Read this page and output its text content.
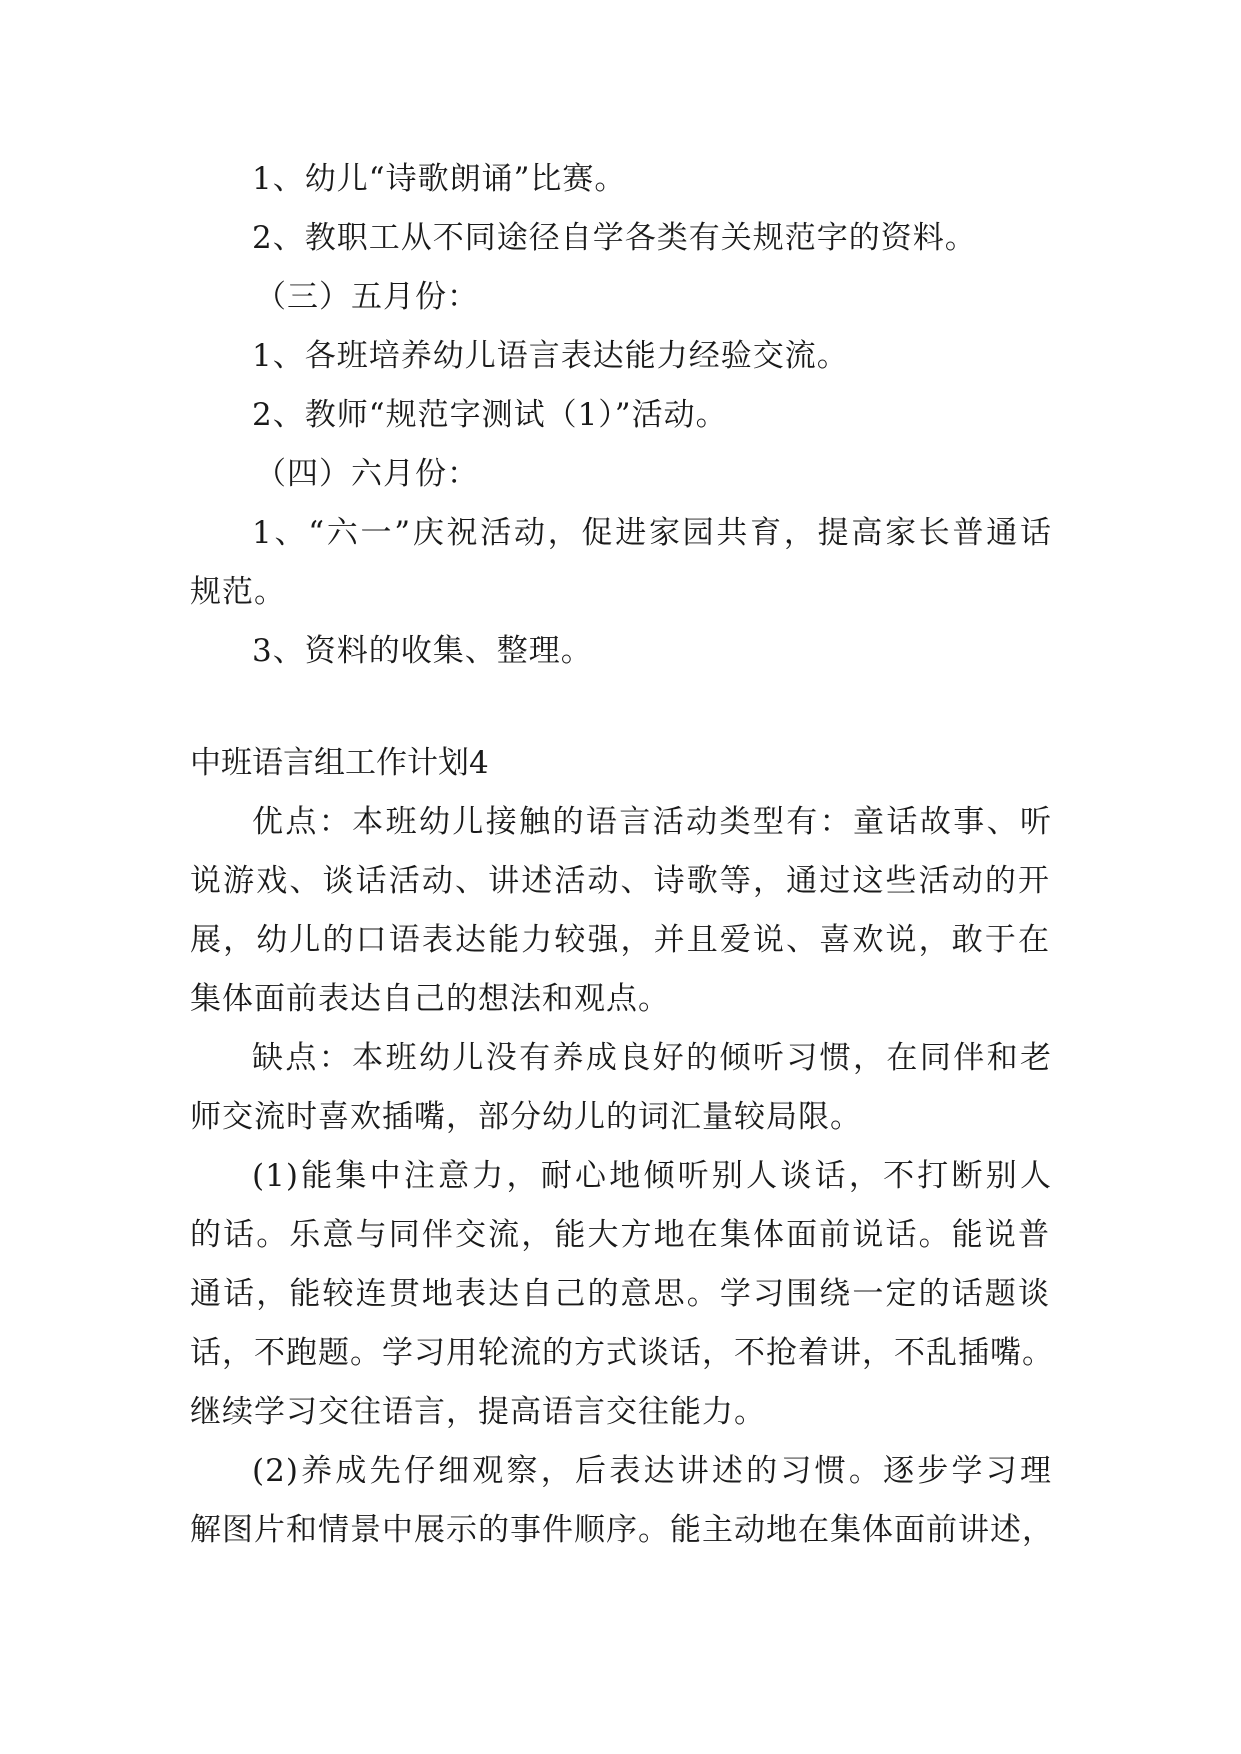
1、幼儿“诗歌朗诵”比赛。
2、教职工从不同途径自学各类有关规范字的资料。
（三）五月份：
1、各班培养幼儿语言表达能力经验交流。
2、教师“规范字测试（1）”活动。
（四）六月份：
1、“六一”庆祝活动，促进家园共育，提高家长普通话
规范。
3、资料的收集、整理。
中班语言组工作计划4
优点：本班幼儿接触的语言活动类型有：童话故事、听
说游戏、谈话活动、讲述活动、诗歌等，通过这些活动的开
展，幼儿的口语表达能力较强，并且爱说、喜欢说，敢于在
集体面前表达自己的想法和观点。
缺点：本班幼儿没有养成良好的倾听习惯，在同伴和老
师交流时喜欢插嘴，部分幼儿的词汇量较局限。
(1)能集中注意力，耐心地倾听别人谈话，不打断别人
的话。乐意与同伴交流，能大方地在集体面前说话。能说普
通话，能较连贯地表达自己的意思。学习围绕一定的话题谈
话，不跑题。学习用轮流的方式谈话，不抢着讲，不乱插嘴。
继续学习交往语言，提高语言交往能力。
(2)养成先仔细观察，后表达讲述的习惯。逐步学习理
解图片和情景中展示的事件顺序。能主动地在集体面前讲述，
